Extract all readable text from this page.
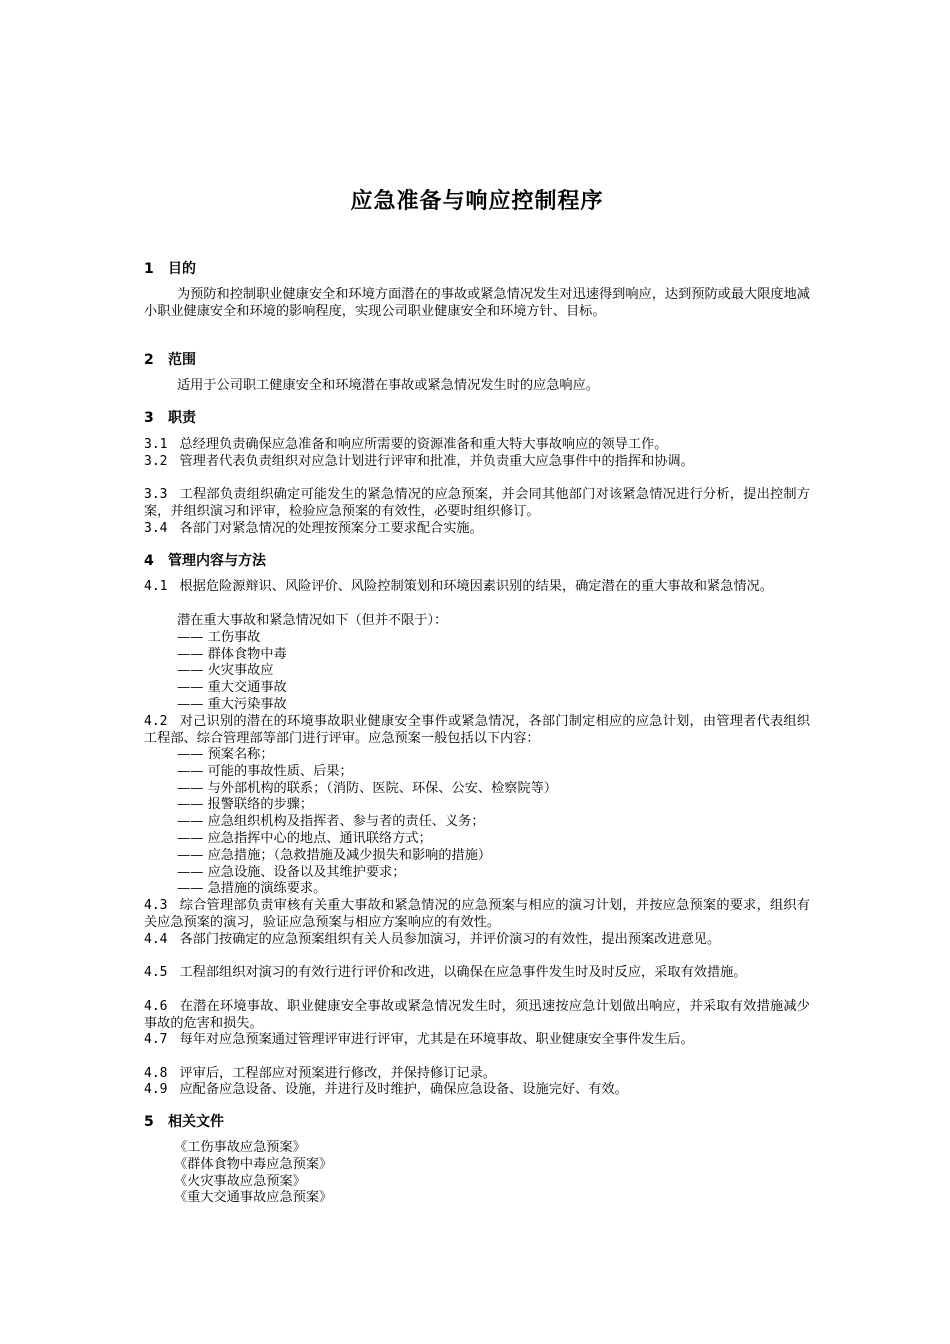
应急准备与响应控制程序
1 目的
为预防和控制职业健康安全和环境方面潜在的事故或紧急情况发生对迅速得到响应，达到预防或最大限度地减小职业健康安全和环境的影响程度，实现公司职业健康安全和环境方针、目标。
2 范围
适用于公司职工健康安全和环境潜在事故或紧急情况发生时的应急响应。
3 职责
3.1 总经理负责确保应急准备和响应所需要的资源准备和重大特大事故响应的领导工作。
3.2 管理者代表负责组织对应急计划进行评审和批准，并负责重大应急事件中的指挥和协调。
3.3 工程部负责组织确定可能发生的紧急情况的应急预案，并会同其他部门对该紧急情况进行分析，提出控制方案，并组织演习和评审，检验应急预案的有效性，必要时组织修订。
3.4 各部门对紧急情况的处理按预案分工要求配合实施。
4 管理内容与方法
4.1 根据危险源辩识、风险评价、风险控制策划和环境因素识别的结果，确定潜在的重大事故和紧急情况。
潜在重大事故和紧急情况如下（但并不限于）：
—— 工伤事故
—— 群体食物中毒
—— 火灾事故应
—— 重大交通事故
—— 重大污染事故
4.2 对己识别的潜在的环境事故职业健康安全事件或紧急情况，各部门制定相应的应急计划，由管理者代表组织工程部、综合管理部等部门进行评审。应急预案一般包括以下内容：
—— 预案名称；
—— 可能的事故性质、后果；
—— 与外部机构的联系；（消防、医院、环保、公安、检察院等）
—— 报警联络的步骤；
—— 应急组织机构及指挥者、参与者的责任、义务；
—— 应急指挥中心的地点、通讯联络方式；
—— 应急措施；（急救措施及减少损失和影响的措施）
—— 应急设施、设备以及其维护要求；
—— 急措施的演练要求。
4.3 综合管理部负责审核有关重大事故和紧急情况的应急预案与相应的演习计划，并按应急预案的要求，组织有关应急预案的演习，验证应急预案与相应方案响应的有效性。
4.4 各部门按确定的应急预案组织有关人员参加演习，并评价演习的有效性，提出预案改进意见。
4.5 工程部组织对演习的有效行进行评价和改进，以确保在应急事件发生时及时反应，采取有效措施。
4.6 在潜在环境事故、职业健康安全事故或紧急情况发生时，须迅速按应急计划做出响应，并采取有效措施减少事故的危害和损失。
4.7 每年对应急预案通过管理评审进行评审，尤其是在环境事故、职业健康安全事件发生后。
4.8 评审后，工程部应对预案进行修改，并保持修订记录。
4.9 应配备应急设备、设施，并进行及时维护，确保应急设备、设施完好、有效。
5 相关文件
《工伤事故应急预案》
《群体食物中毒应急预案》
《火灾事故应急预案》
《重大交通事故应急预案》
